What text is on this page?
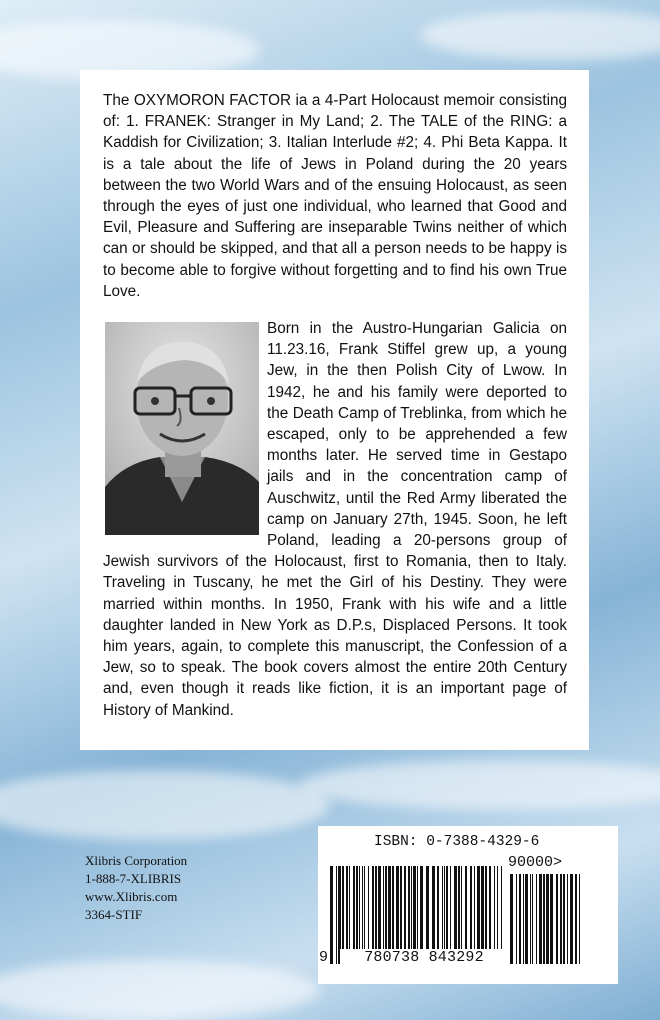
The OXYMORON FACTOR ia a 4-Part Holocaust memoir consisting of: 1. FRANEK: Stranger in My Land; 2. The TALE of the RING: a Kaddish for Civilization; 3. Italian Interlude #2; 4. Phi Beta Kappa. It is a tale about the life of Jews in Poland during the 20 years between the two World Wars and of the ensuing Holocaust, as seen through the eyes of just one individual, who learned that Good and Evil, Pleasure and Suffering are inseparable Twins neither of which can or should be skipped, and that all a person needs to be happy is to become able to forgive without forgetting and to find his own True Love.

Born in the Austro-Hungarian Galicia on 11.23.16, Frank Stiffel grew up, a young Jew, in the then Polish City of Lwow. In 1942, he and his family were deported to the Death Camp of Treblinka, from which he escaped, only to be apprehended a few months later. He served time in Gestapo jails and in the concentration camp of Auschwitz, until the Red Army liberated the camp on January 27th, 1945. Soon, he left Poland, leading a 20-persons group of Jewish survivors of the Holocaust, first to Romania, then to Italy. Traveling in Tuscany, he met the Girl of his Destiny. They were married within months. In 1950, Frank with his wife and a little daughter landed in New York as D.P.s, Displaced Persons. It took him years, again, to complete this manuscript, the Confession of a Jew, so to speak. The book covers almost the entire 20th Century and, even though it reads like fiction, it is an important page of History of Mankind.
Xlibris Corporation
1-888-7-XLIBRIS
www.Xlibris.com
3364-STIF
ISBN: 0-7388-4329-6
90000>
9	780738 843292
